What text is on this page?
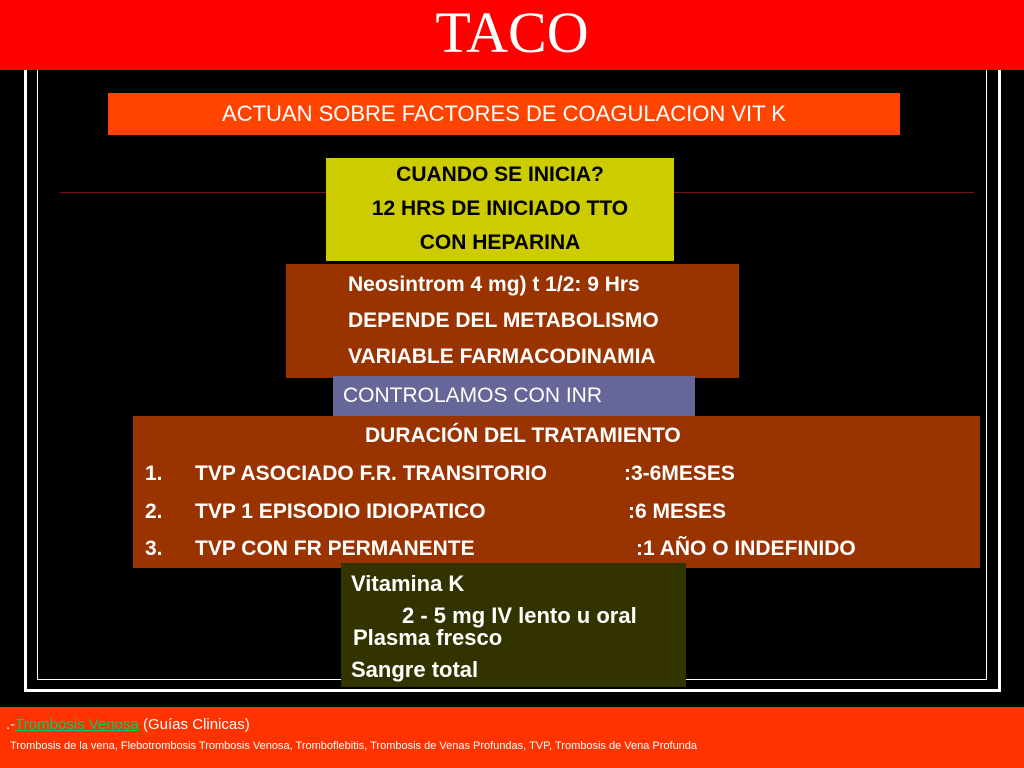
TACO
ACTUAN SOBRE FACTORES DE COAGULACION VIT K
CUANDO SE INICIA?
12 HRS DE INICIADO TTO
CON HEPARINA
Neosintrom 4 mg) t 1/2: 9 Hrs
DEPENDE DEL METABOLISMO
VARIABLE FARMACODINAMIA
CONTROLAMOS CON INR
DURACIÓN DEL TRATAMIENTO
1. TVP ASOCIADO F.R. TRANSITORIO	:3-6MESES
2. TVP 1 EPISODIO IDIOPATICO	:6 MESES
3. TVP CON FR PERMANENTE	:1 AÑO O INDEFINIDO
Vitamina K
2 - 5 mg IV lento u oral
Plasma fresco
Sangre total
.-Trombosis Venosa (Guías Clinicas)
Trombosis de la vena, Flebotrombosis Trombosis Venosa, Tromboflebitis, Trombosis de Venas Profundas, TVP, Trombosis de Vena Profunda
